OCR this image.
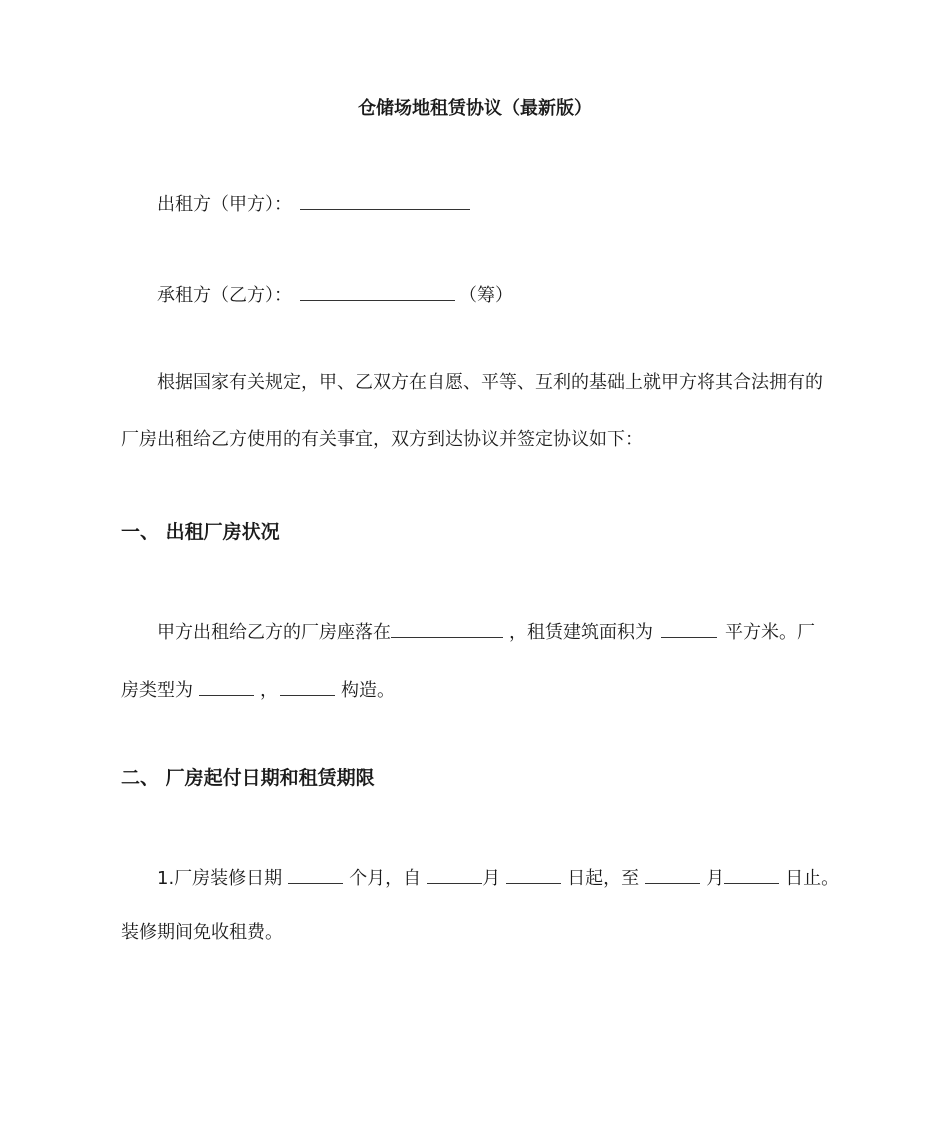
仓储场地租赁协议（最新版）
出租方（甲方）：
承租方（乙方）：	（筹）
根据国家有关规定，甲、乙双方在自愿、平等、互利的基础上就甲方将其合法拥有的
厂房出租给乙方使用的有关事宜，双方到达协议并签定协议如下：
一、 出租厂房状况
甲方出租给乙方的厂房座落在	，租赁建筑面积为	平方米。厂
房类型为	，	构造。
二、 厂房起付日期和租赁期限
1.厂房装修日期	个月，自	月	日起，至	月	日止。
装修期间免收租费。
